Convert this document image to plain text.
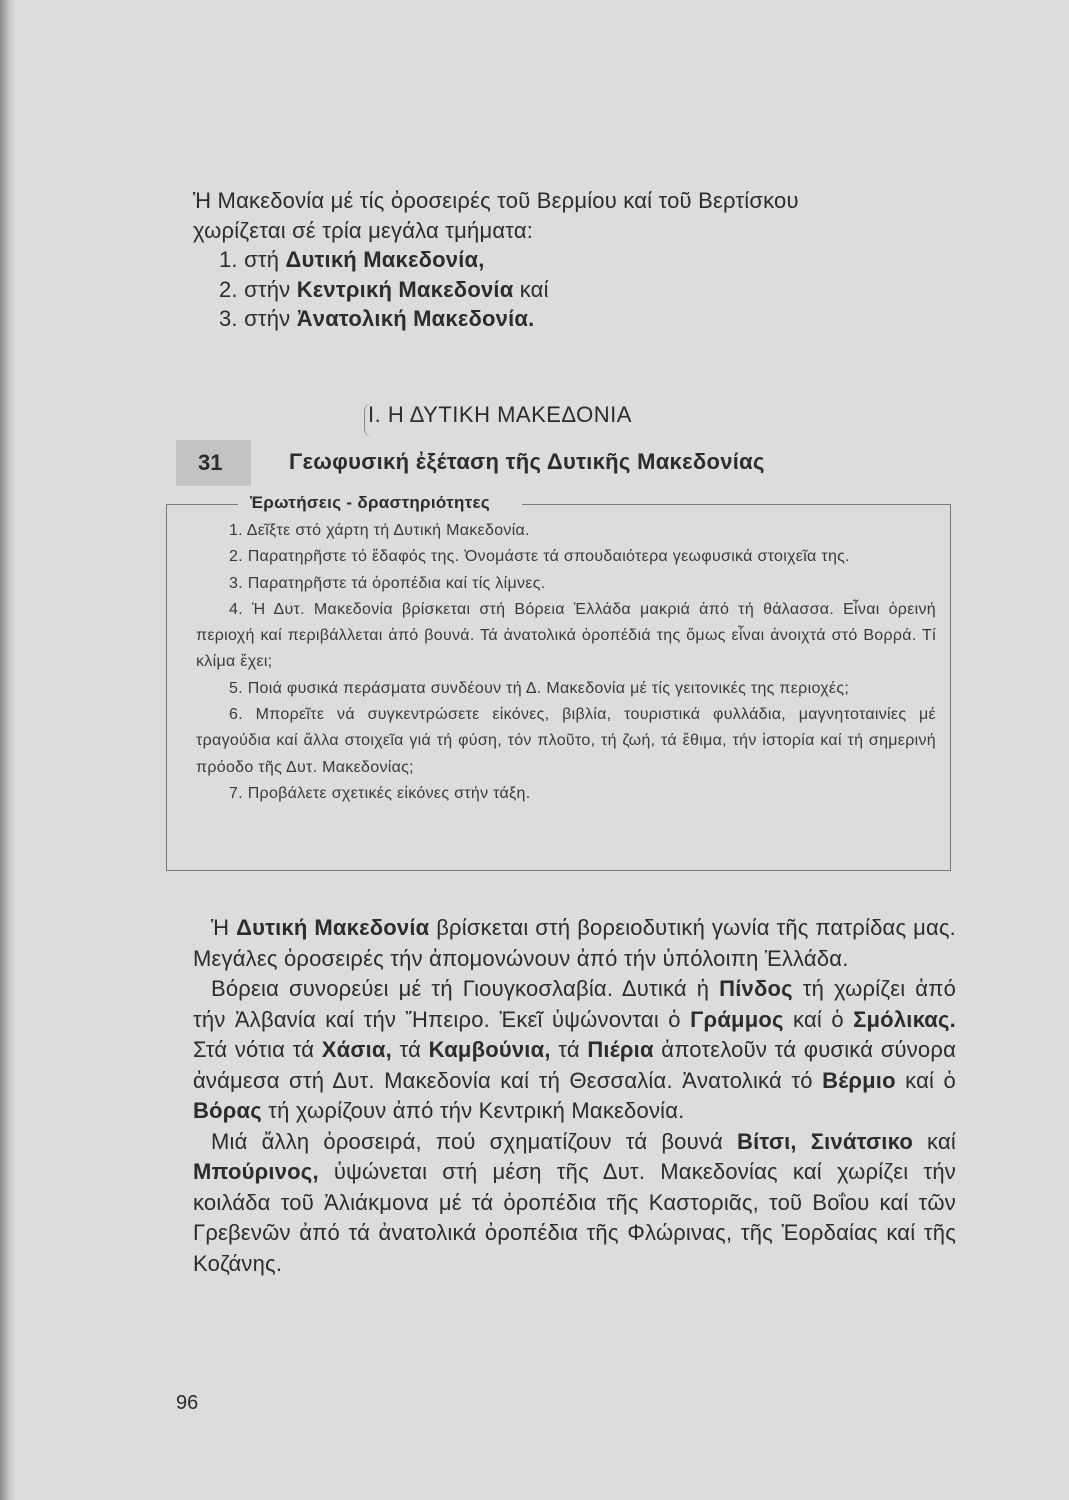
Ἡ Μακεδονία μέ τίς ὀροσειρές τοῦ Βερμίου καί τοῦ Βερτίσκου

χωρίζεται σέ τρία μεγάλα τμήματα:

1. στή Δυτική Μακεδονία,

2. στήν Κεντρική Μακεδονία καί

3. στήν Ἀνατολική Μακεδονία.

I. Η ΔΥΤΙΚΗ ΜΑΚΕΔΟΝΙΑ
31	Γεωφυσική ἐξέταση τῆς Δυτικῆς Μακεδονίας
Ἐρωτήσεις - δραστηριότητες

1. Δεῖξτε στό χάρτη τή Δυτική Μακεδονία.

2. Παρατηρῆστε τό ἔδαφός της. Ὀνομάστε τά σπουδαιότερα γεωφυσικά στοιχεῖα της.

3. Παρατηρῆστε τά ὀροπέδια καί τίς λίμνες.

4. Ἡ Δυτ. Μακεδονία βρίσκεται στή Βόρεια Ἑλλάδα μακριά ἀπό τή θάλασσα. Εἶναι ὀρεινή περιοχή καί περιβάλλεται ἀπό βουνά. Τά ἀνατολικά ὀροπέδιά της ὅμως εἶναι ἀνοιχτά στό Βορρά. Τί κλίμα ἔχει;

5. Ποιά φυσικά περάσματα συνδέουν τή Δ. Μακεδονία μέ τίς γειτονικές της περιοχές;

6. Μπορεῖτε νά συγκεντρώσετε εἰκόνες, βιβλία, τουριστικά φυλλάδια, μαγνητοταινίες μέ τραγούδια καί ἄλλα στοιχεῖα γιά τή φύση, τόν πλοῦτο, τή ζωή, τά ἔθιμα, τήν ἱστορία καί τή σημερινή πρόοδο τῆς Δυτ. Μακεδονίας;

7. Προβάλετε σχετικές εἰκόνες στήν τάξη.

Ἡ Δυτική Μακεδονία βρίσκεται στή βορειοδυτική γωνία τῆς πατρίδας μας. Μεγάλες ὀροσειρές τήν ἀπομονώνουν ἀπό τήν ὑπόλοιπη Ἑλλάδα.

Βόρεια συνορεύει μέ τή Γιουγκοσλαβία. Δυτικά ἡ Πίνδος τή χωρίζει ἀπό τήν Ἀλβανία καί τήν Ἤπειρο. Ἐκεῖ ὑψώνονται ὁ Γράμμος καί ὁ Σμόλικας. Στά νότια τά Χάσια, τά Καμβούνια, τά Πιέρια ἀποτελοῦν τά φυσικά σύνορα ἀνάμεσα στή Δυτ. Μακεδονία καί τή Θεσσαλία. Ἀνατολικά τό Βέρμιο καί ὁ Βόρας τή χωρίζουν ἀπό τήν Κεντρική Μακεδονία.

Μιά ἄλλη ὀροσειρά, πού σχηματίζουν τά βουνά Βίτσι, Σινάτσικο καί Μπούρινος, ὑψώνεται στή μέση τῆς Δυτ. Μακεδονίας καί χωρίζει τήν κοιλάδα τοῦ Ἀλιάκμονα μέ τά ὀροπέδια τῆς Καστοριᾶς, τοῦ Βοΐου καί τῶν Γρεβενῶν ἀπό τά ἀνατολικά ὀροπέδια τῆς Φλώρινας, τῆς Ἐορδαίας καί τῆς Κοζάνης.

96
